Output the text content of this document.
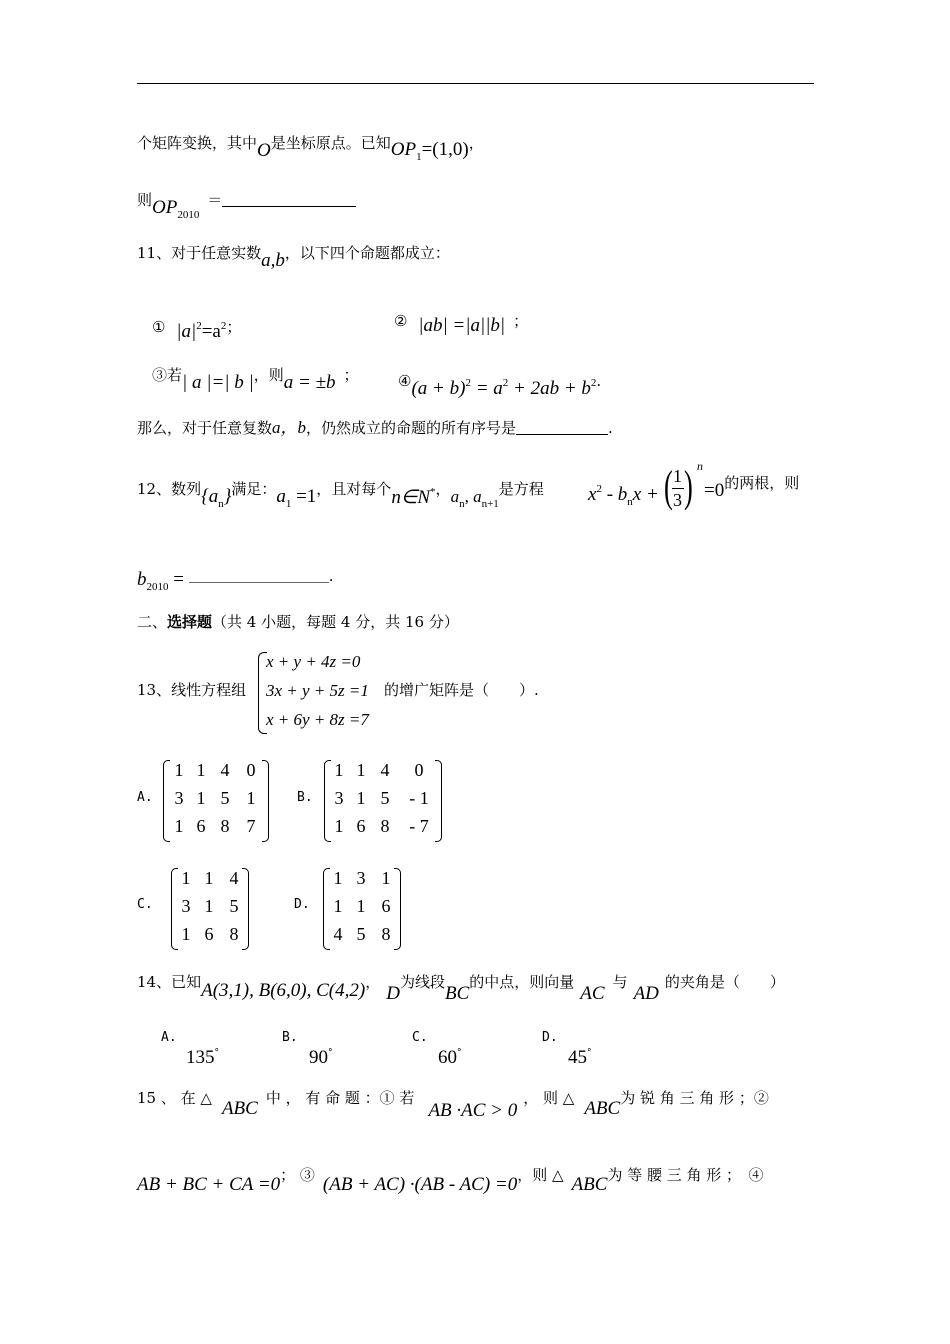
个矩阵变换，其中O是坐标原点。已知$OP_1=(1,0)$，
则$OP_{2010}=$
11、对于任意实数a,b，以下四个命题都成立：
① $|a|^2=a^2$；	② |ab| =|a||b| ；
③若| a |=| b |，则a = ±b ；	④(a + $b)^2 = a^2 + 2ab + b^2$.
那么，对于任意复数a，b，仍然成立的命题的所有序号是	.
12、数列$\{a_n\}$满足：$a_1 =1$，且对每个n∈N*，$a_n$, $a_{n+1}$是方程 $x^2 - b_nx$ + ( 1
3 ) n
=0的两根，则
$b_{2010}$ =	.
二、选择题（共 4 小题，每题 4 分，共 16 分）
13、线性方程组
x + y + 4z =0
3x + y + 5z =1
x + 6y + 8z =7
的增广矩阵是（　　）.
A.
1 1 4 0
3 1 5 1
1 6 8 7
B.
1 1 4	0
3 1 5	- 1
1 6 8	- 7
C.
1 1 4
3 1 5
1 6 8
D.
1 3 1
1 1 6
4 5 8
14、已知A(3,1), B(6,0), C(4,2)，D为线段BC的中点，则向量AC与AD的夹角是（　　）
A.
135°
B.
90°
C.
60°
D.
45°
15 、 在 △ ABC 中 ， 有 命 题 ：① 若AB ·AC > 0， 则 △ ABC为 锐 角 三 角 形 ；②
AB + BC + CA =0； ③ (AB + AC) ·(AB - AC) =0，则 △ ABC为 等 腰 三 角 形 ；　④
